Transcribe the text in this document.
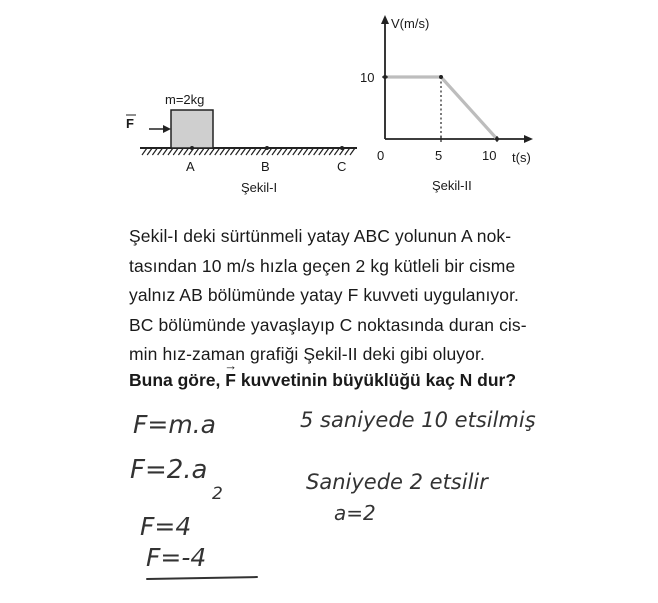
F
m=2kg
A	B	C
Şekil-I
V(m/s)
t(s)
0
10
5	10
Şekil-II
Şekil-I deki sürtünmeli yatay ABC yolunun A nok-
tasından 10 m/s hızla geçen 2 kg kütleli bir cisme
yalnız AB bölümünde yatay F kuvveti uygulanıyor.
BC bölümünde yavaşlayıp C noktasında duran cis-
min hız-zaman grafiği Şekil-II deki gibi oluyor.
Buna göre, → F kuvvetinin büyüklüğü kaç N dur?
F=m.a
F=2.a
2
F=4
F=-4
5 saniyede 10 etsilmiş
Saniyede 2 etsilir
a=2
